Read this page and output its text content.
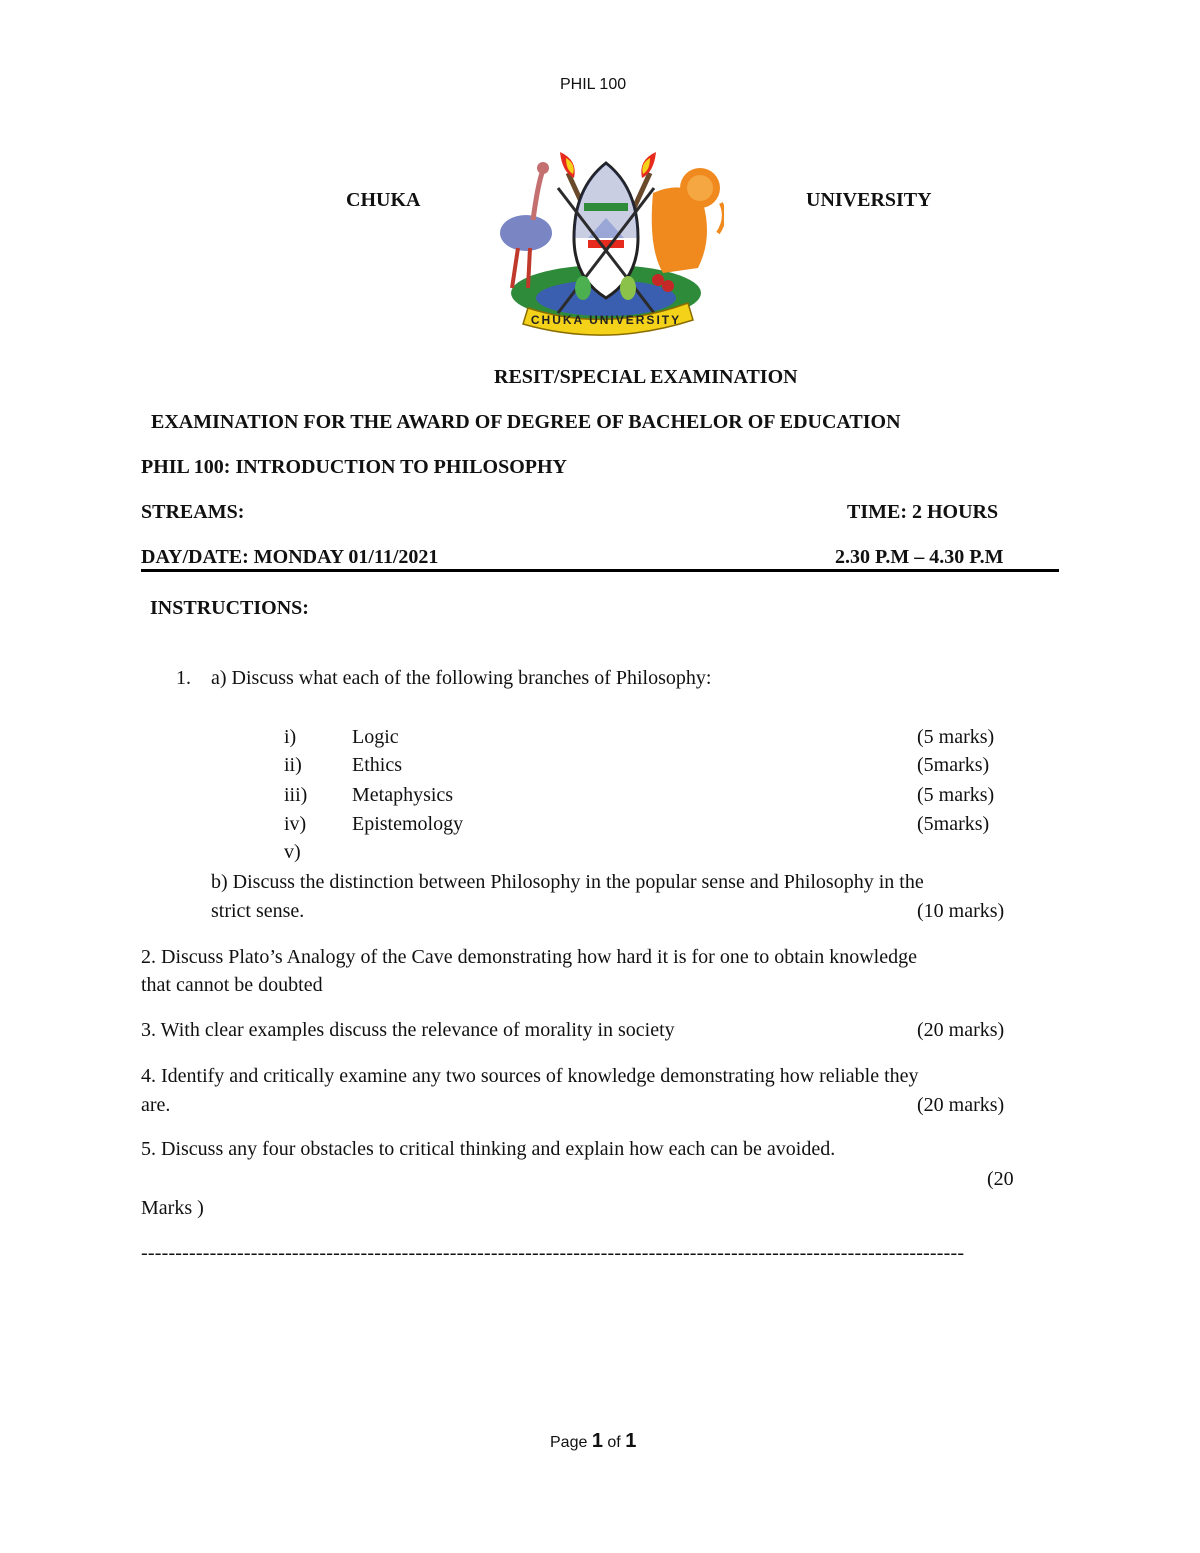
PHIL 100
CHUKA	UNIVERSITY
CHUKA UNIVERSITY
RESIT/SPECIAL EXAMINATION
EXAMINATION FOR THE AWARD OF DEGREE OF BACHELOR OF EDUCATION
PHIL 100: INTRODUCTION TO PHILOSOPHY
STREAMS:	TIME: 2 HOURS
DAY/DATE: MONDAY 01/11/2021	2.30 P.M – 4.30 P.M
INSTRUCTIONS:
1. a) Discuss what each of the following branches of Philosophy:
i)	Logic	(5 marks)
ii)	Ethics	(5marks)
iii) Metaphysics	(5 marks)
iv) Epistemology	(5marks)
v)
b) Discuss the distinction between Philosophy in the popular sense and Philosophy in the
strict sense.	(10 marks)
2. Discuss Plato’s Analogy of the Cave demonstrating how hard it is for one to obtain knowledge
that cannot be doubted
3. With clear examples discuss the relevance of morality in society	(20 marks)
4. Identify and critically examine any two sources of knowledge demonstrating how reliable they
are.	(20 marks)
5. Discuss any four obstacles to critical thinking and explain how each can be avoided.
(20
Marks )
------------------------------------------------------------------------------------------------------------------------
Page 1 of 1
